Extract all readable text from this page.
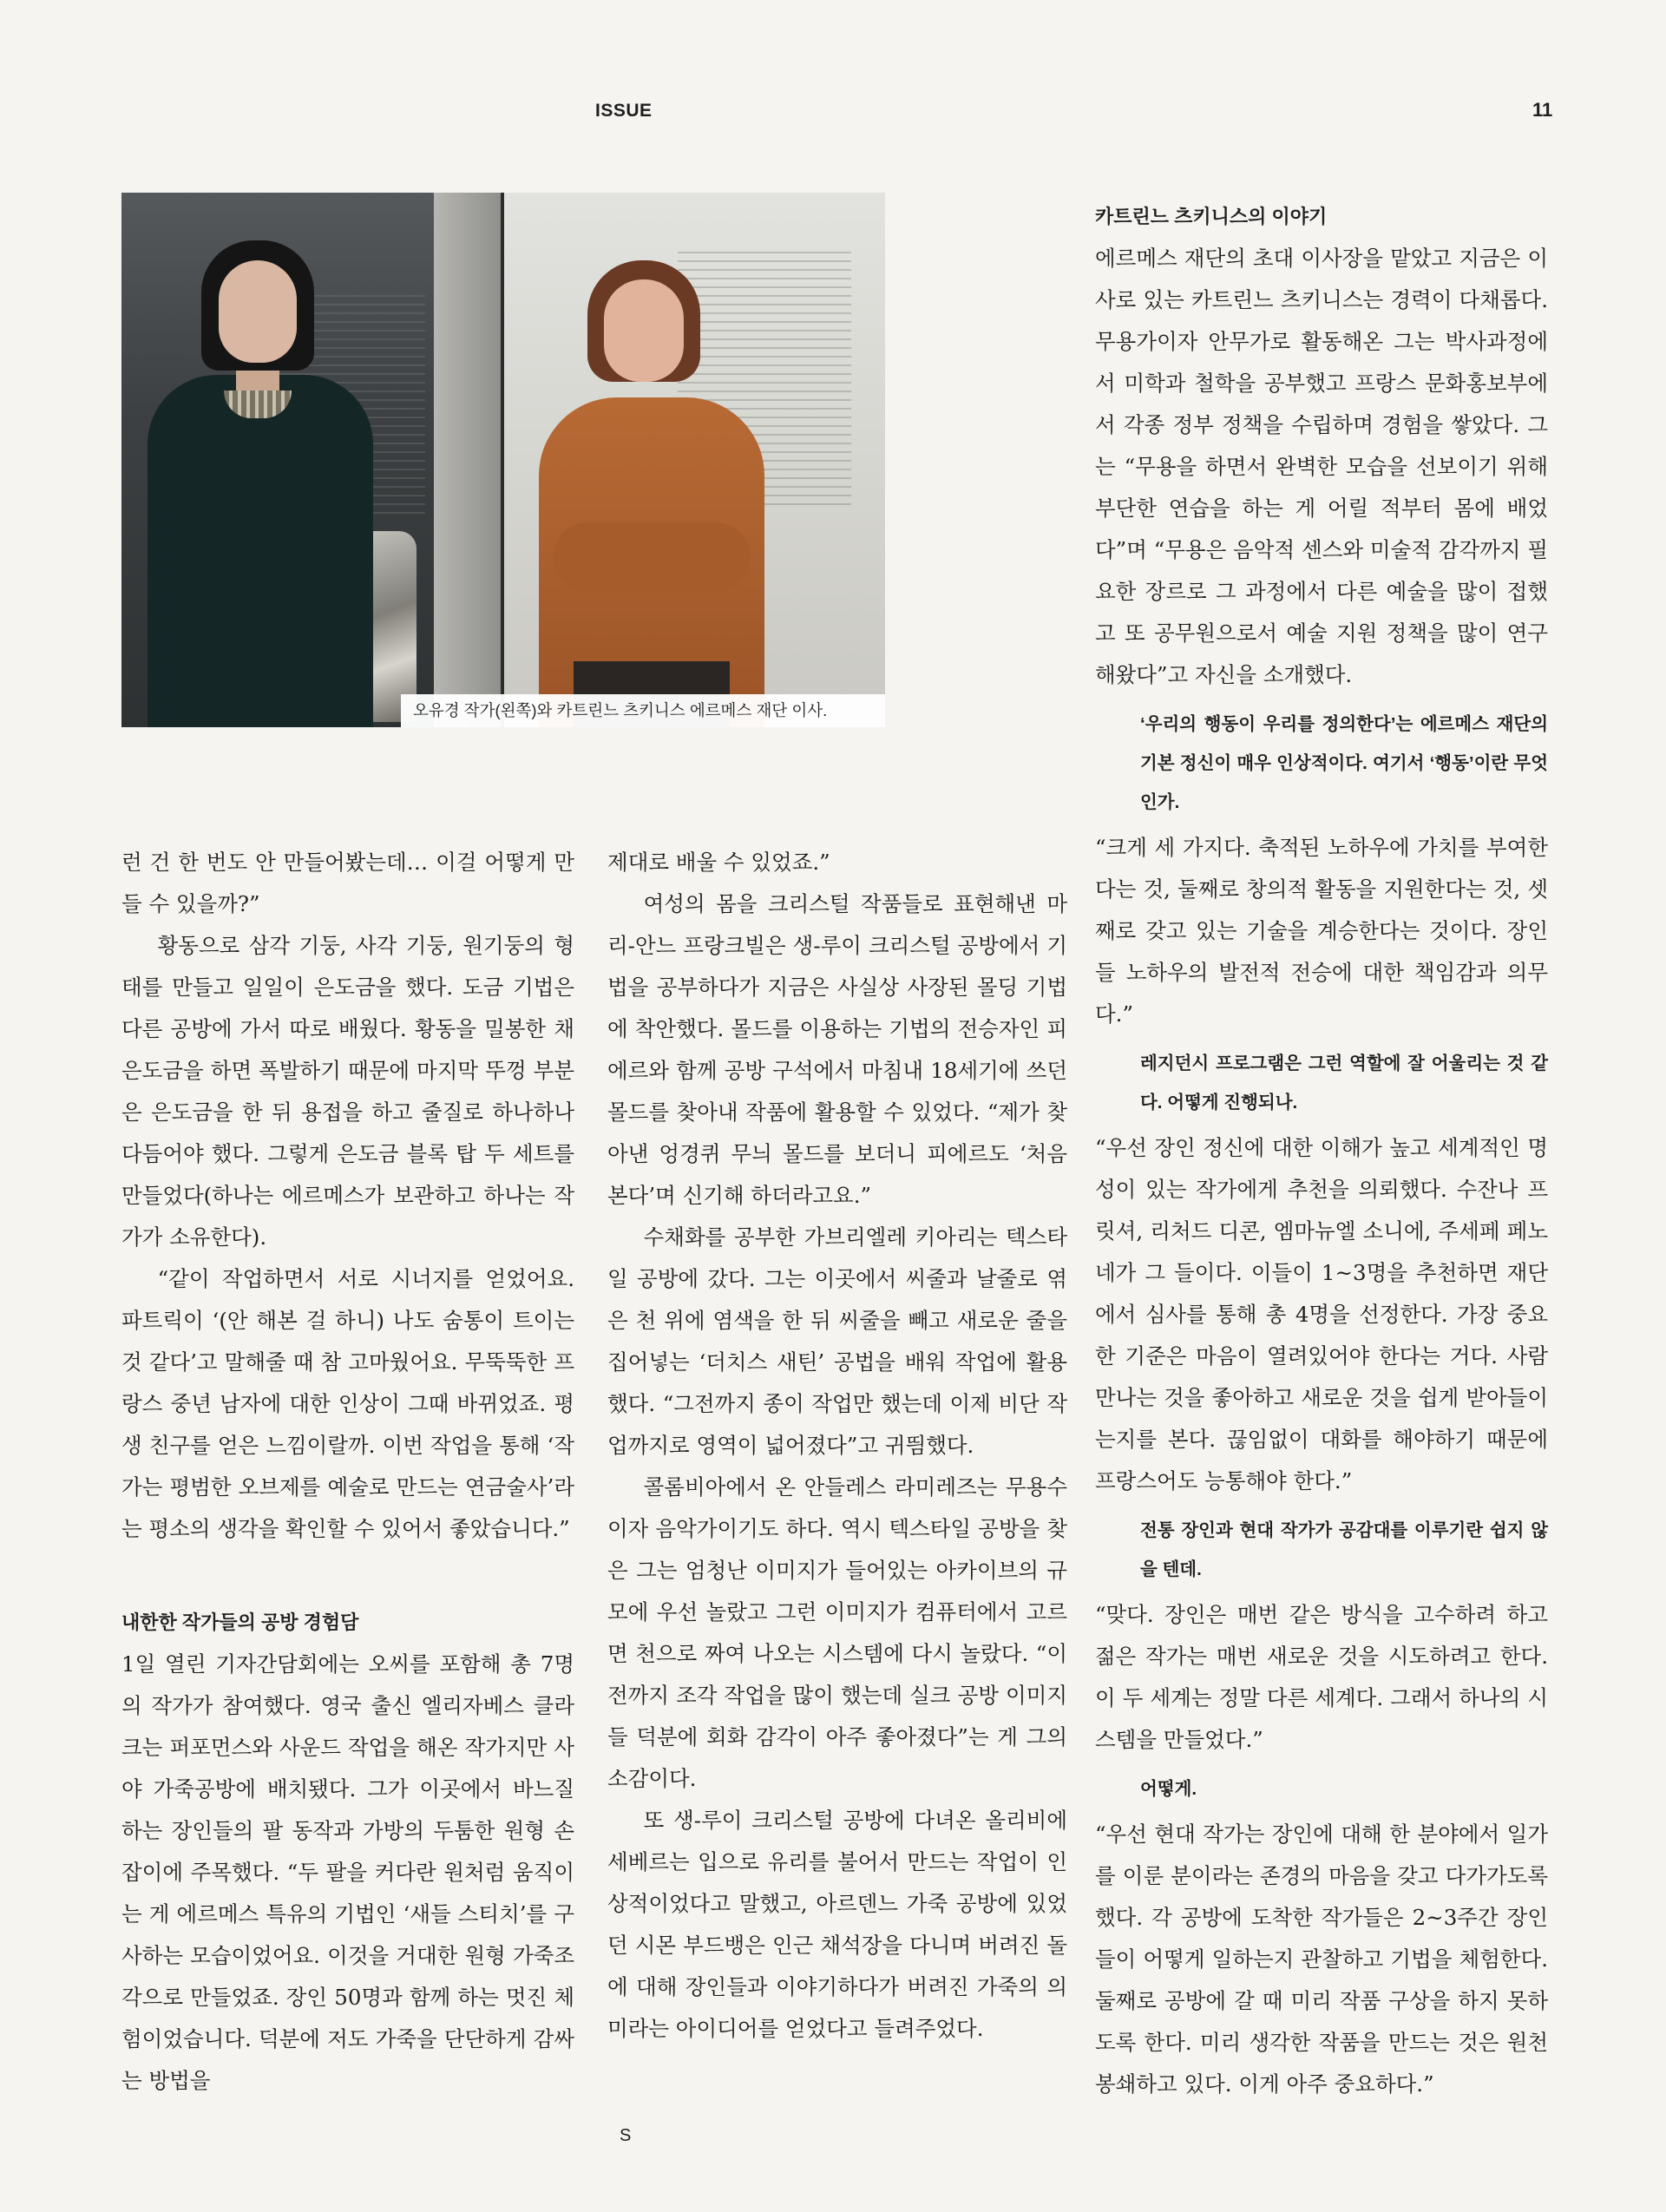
ISSUE	11
오유경 작가(왼쪽)와 카트린느 츠키니스 에르메스 재단 이사.

런 건 한 번도 안 만들어봤는데… 이걸 어떻게 만들 수 있을까?”

황동으로 삼각 기둥, 사각 기둥, 원기둥의 형태를 만들고 일일이 은도금을 했다. 도금 기법은 다른 공방에 가서 따로 배웠다. 황동을 밀봉한 채 은도금을 하면 폭발하기 때문에 마지막 뚜껑 부분은 은도금을 한 뒤 용접을 하고 줄질로 하나하나 다듬어야 했다. 그렇게 은도금 블록 탑 두 세트를 만들었다(하나는 에르메스가 보관하고 하나는 작가가 소유한다).

“같이 작업하면서 서로 시너지를 얻었어요. 파트릭이 ‘(안 해본 걸 하니) 나도 숨통이 트이는 것 같다’고 말해줄 때 참 고마웠어요. 무뚝뚝한 프랑스 중년 남자에 대한 인상이 그때 바뀌었죠. 평생 친구를 얻은 느낌이랄까. 이번 작업을 통해 ‘작가는 평범한 오브제를 예술로 만드는 연금술사’라는 평소의 생각을 확인할 수 있어서 좋았습니다.”

내한한 작가들의 공방 경험담

1일 열린 기자간담회에는 오씨를 포함해 총 7명의 작가가 참여했다. 영국 출신 엘리자베스 클라크는 퍼포먼스와 사운드 작업을 해온 작가지만 사야 가죽공방에 배치됐다. 그가 이곳에서 바느질 하는 장인들의 팔 동작과 가방의 두툼한 원형 손잡이에 주목했다. “두 팔을 커다란 원처럼 움직이는 게 에르메스 특유의 기법인 ‘새들 스티치’를 구사하는 모습이었어요. 이것을 거대한 원형 가죽조각으로 만들었죠. 장인 50명과 함께 하는 멋진 체험이었습니다. 덕분에 저도 가죽을 단단하게 감싸는 방법을

제대로 배울 수 있었죠.”

여성의 몸을 크리스털 작품들로 표현해낸 마리-안느 프랑크빌은 생-루이 크리스털 공방에서 기법을 공부하다가 지금은 사실상 사장된 몰딩 기법에 착안했다. 몰드를 이용하는 기법의 전승자인 피에르와 함께 공방 구석에서 마침내 18세기에 쓰던 몰드를 찾아내 작품에 활용할 수 있었다. “제가 찾아낸 엉경퀴 무늬 몰드를 보더니 피에르도 ‘처음 본다’며 신기해 하더라고요.”

수채화를 공부한 가브리엘레 키아리는 텍스타일 공방에 갔다. 그는 이곳에서 씨줄과 날줄로 엮은 천 위에 염색을 한 뒤 씨줄을 빼고 새로운 줄을 집어넣는 ‘더치스 새틴’ 공법을 배워 작업에 활용했다. “그전까지 종이 작업만 했는데 이제 비단 작업까지로 영역이 넓어졌다”고 귀띔했다.

콜롬비아에서 온 안들레스 라미레즈는 무용수이자 음악가이기도 하다. 역시 텍스타일 공방을 찾은 그는 엄청난 이미지가 들어있는 아카이브의 규모에 우선 놀랐고 그런 이미지가 컴퓨터에서 고르면 천으로 짜여 나오는 시스템에 다시 놀랐다. “이전까지 조각 작업을 많이 했는데 실크 공방 이미지들 덕분에 회화 감각이 아주 좋아졌다”는 게 그의 소감이다.

또 생-루이 크리스털 공방에 다녀온 올리비에 세베르는 입으로 유리를 불어서 만드는 작업이 인상적이었다고 말했고, 아르덴느 가죽 공방에 있었던 시몬 부드뱅은 인근 채석장을 다니며 버려진 돌에 대해 장인들과 이야기하다가 버려진 가죽의 의미라는 아이디어를 얻었다고 들려주었다.

카트린느 츠키니스의 이야기

에르메스 재단의 초대 이사장을 맡았고 지금은 이사로 있는 카트린느 츠키니스는 경력이 다채롭다. 무용가이자 안무가로 활동해온 그는 박사과정에서 미학과 철학을 공부했고 프랑스 문화홍보부에서 각종 정부 정책을 수립하며 경험을 쌓았다. 그는 “무용을 하면서 완벽한 모습을 선보이기 위해 부단한 연습을 하는 게 어릴 적부터 몸에 배었다”며 “무용은 음악적 센스와 미술적 감각까지 필요한 장르로 그 과정에서 다른 예술을 많이 접했고 또 공무원으로서 예술 지원 정책을 많이 연구해왔다”고 자신을 소개했다.

‘우리의 행동이 우리를 정의한다’는 에르메스 재단의 기본 정신이 매우 인상적이다. 여기서 ‘행동’이란 무엇인가.

“크게 세 가지다. 축적된 노하우에 가치를 부여한다는 것, 둘째로 창의적 활동을 지원한다는 것, 셋째로 갖고 있는 기술을 계승한다는 것이다. 장인들 노하우의 발전적 전승에 대한 책임감과 의무다.”

레지던시 프로그램은 그런 역할에 잘 어울리는 것 같다. 어떻게 진행되나.

“우선 장인 정신에 대한 이해가 높고 세계적인 명성이 있는 작가에게 추천을 의뢰했다. 수잔나 프릿셔, 리처드 디콘, 엠마뉴엘 소니에, 주세페 페노네가 그 들이다. 이들이 1~3명을 추천하면 재단에서 심사를 통해 총 4명을 선정한다. 가장 중요한 기준은 마음이 열려있어야 한다는 거다. 사람 만나는 것을 좋아하고 새로운 것을 쉽게 받아들이는지를 본다. 끊임없이 대화를 해야하기 때문에 프랑스어도 능통해야 한다.”

전통 장인과 현대 작가가 공감대를 이루기란 쉽지 않을 텐데.

“맞다. 장인은 매번 같은 방식을 고수하려 하고 젊은 작가는 매번 새로운 것을 시도하려고 한다. 이 두 세계는 정말 다른 세계다. 그래서 하나의 시스템을 만들었다.”

어떻게.

“우선 현대 작가는 장인에 대해 한 분야에서 일가를 이룬 분이라는 존경의 마음을 갖고 다가가도록 했다. 각 공방에 도착한 작가들은 2~3주간 장인들이 어떻게 일하는지 관찰하고 기법을 체험한다. 둘째로 공방에 갈 때 미리 작품 구상을 하지 못하도록 한다. 미리 생각한 작품을 만드는 것은 원천봉쇄하고 있다. 이게 아주 중요하다.”

S
